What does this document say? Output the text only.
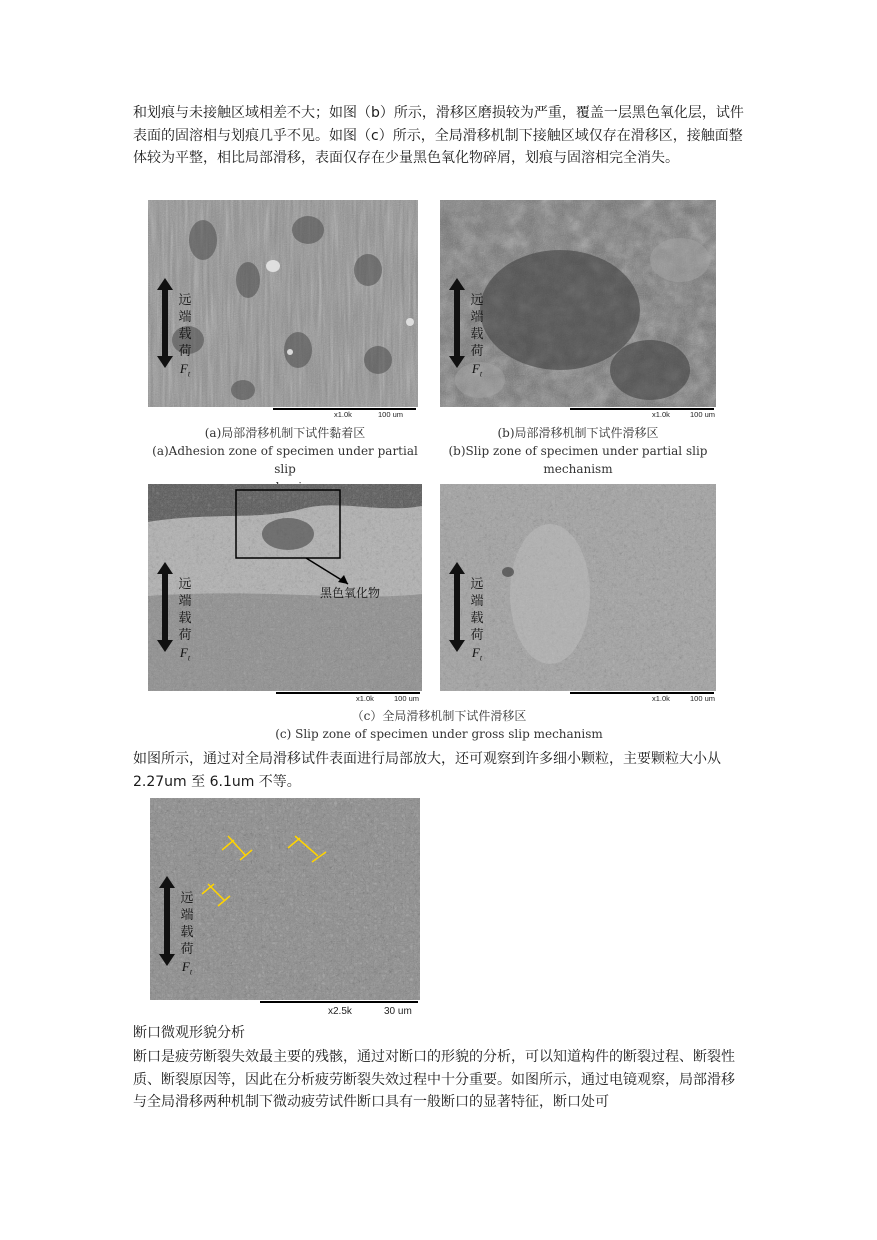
和划痕与未接触区域相差不大；如图（b）所示，滑移区磨损较为严重，覆盖一层黑色氧化层，试件表面的固溶相与划痕几乎不见。如图（c）所示，全局滑移机制下接触区域仅存在滑移区，接触面整体较为平整，相比局部滑移，表面仅存在少量黑色氧化物碎屑，划痕与固溶相完全消失。

远端载荷
$F_t$
x1.0k	100 um
远端载荷
$F_t$
x1.0k	100 um
(a)局部滑移机制下试件黏着区
(a)Adhesion zone of specimen under partial slip
(b)局部滑移机制下试件滑移区
(b)Slip zone of specimen under partial slip
mechanism
黑色氧化物
远端载荷
$F_t$
x1.0k	100 um
远端载荷
$F_t$
x1.0k	100 um
（c）全局滑移机制下试件滑移区
(c) Slip zone of specimen under gross slip mechanism

如图所示，通过对全局滑移试件表面进行局部放大，还可观察到许多细小颗粒，主要颗粒大小从 2.27um 至 6.1um 不等。

远端载荷
$F_t$
x2.5k	30 um
断口微观形貌分析

断口是疲劳断裂失效最主要的残骸，通过对断口的形貌的分析，可以知道构件的断裂过程、断裂性质、断裂原因等，因此在分析疲劳断裂失效过程中十分重要。如图所示，通过电镜观察，局部滑移与全局滑移两种机制下微动疲劳试件断口具有一般断口的显著特征，断口处可
